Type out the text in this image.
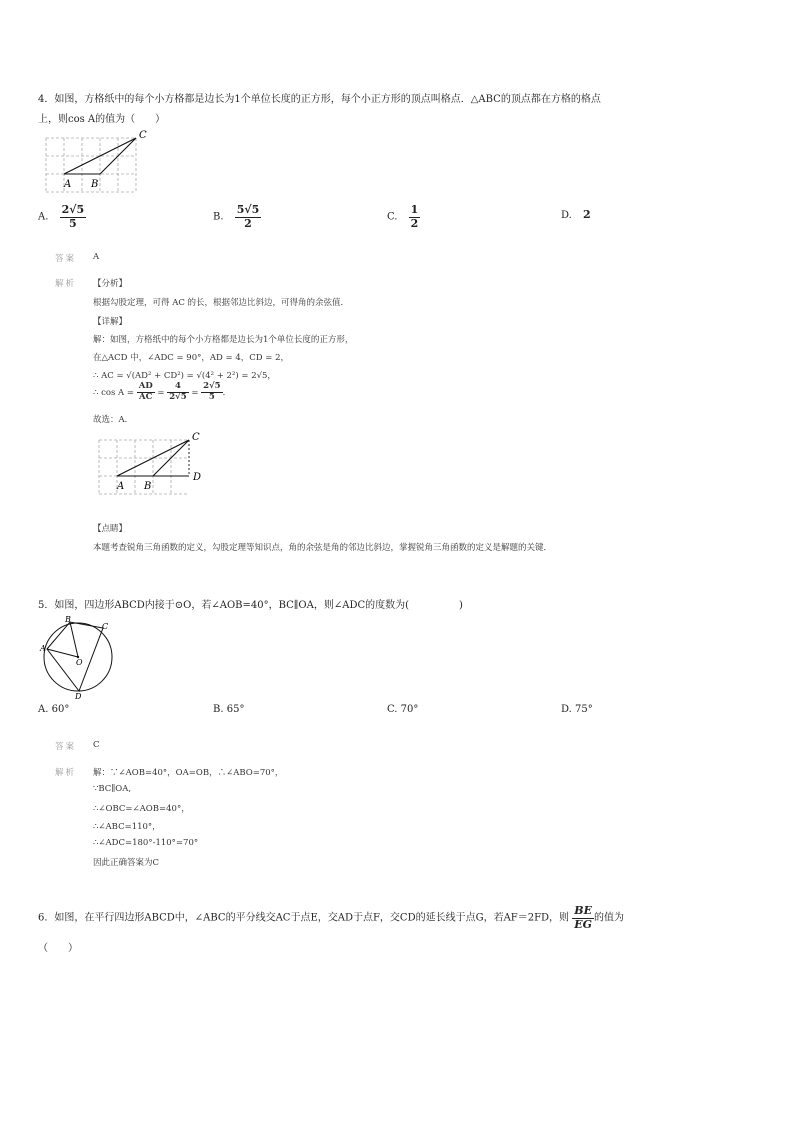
4．如图，方格纸中的每个小方格都是边长为1个单位长度的正方形，每个小正方形的顶点叫格点．△ABC的顶点都在方格的格点
上，则cos A的值为（　　）
A B
C
A. $\frac{2√5}{5}$	B. $\frac{5√5}{2}$	C. $\frac{1}{2}$	D. 2
答案 A
解析 【分析】
根据勾股定理，可得 AC 的长，根据邻边比斜边，可得角的余弦值．
【详解】
解：如图，方格纸中的每个小方格都是边长为1个单位长度的正方形，
在△ACD 中，∠ADC = 90°，AD = 4，CD = 2，
∴ AC = √(AD² + CD²) = √(4² + 2²) = 2√5，
∴ $\cos A = \frac{AD}{AC} = \frac{4}{2√5} = \frac{2√5}{5}$ ．
故选：A．
A B
C
D
【点睛】
本题考查锐角三角函数的定义，勾股定理等知识点，角的余弦是角的邻边比斜边，掌握锐角三角函数的定义是解题的关键．
5．如图，四边形ABCD内接于⊙O，若∠AOB=40°，BC∥OA，则∠ADC的度数为(　　　　　)
B
C
A
O
D
A. 60°	B. 65°	C. 70°	D. 75°
答案 C
解析 解：∵∠AOB=40°，OA=OB，∴∠ABO=70°，
∵BC∥OA,
∴∠OBC=∠AOB=40°，
∴∠ABC=110°，
∴∠ADC=180°-110°=70°
因此正确答案为C
6．如图，在平行四边形ABCD中，∠ABC的平分线交AC于点E，交AD于点F，交CD的延长线于点G，若AF＝2FD，则 $\frac{BE}{EG}$ 的值为
（　　）
